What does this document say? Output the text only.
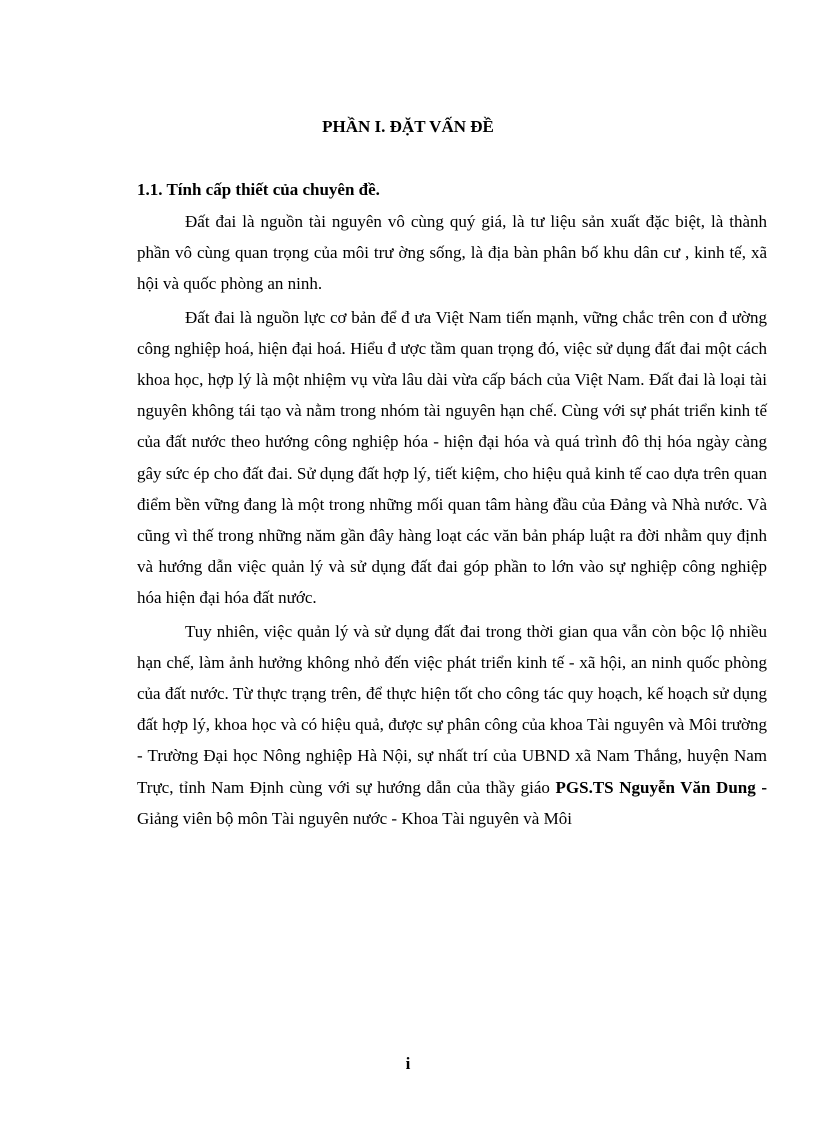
PHẦN I. ĐẶT VẤN ĐỀ
1.1. Tính cấp thiết của chuyên đề.

Đất đai là nguồn tài nguyên vô cùng quý giá, là tư liệu sản xuất đặc biệt, là thành phần vô cùng quan trọng của môi trư ờng sống, là địa bàn phân bố khu dân cư , kinh tế, xã hội và quốc phòng an ninh.

Đất đai là nguồn lực cơ bản để đ ưa Việt Nam tiến mạnh, vững chắc trên con đ ường công nghiệp hoá, hiện đại hoá. Hiểu đ ược tầm quan trọng đó, việc sử dụng đất đai một cách khoa học, hợp lý là một nhiệm vụ vừa lâu dài vừa cấp bách của Việt Nam. Đất đai là loại tài nguyên không tái tạo và nằm trong nhóm tài nguyên hạn chế. Cùng với sự phát triển kinh tế của đất nước theo hướng công nghiệp hóa - hiện đại hóa và quá trình đô thị hóa ngày càng gây sức ép cho đất đai. Sử dụng đất hợp lý, tiết kiệm, cho hiệu quả kinh tế cao dựa trên quan điểm bền vững đang là một trong những mối quan tâm hàng đầu của Đảng và Nhà nước. Và cũng vì thế trong những năm gần đây hàng loạt các văn bản pháp luật ra đời nhằm quy định và hướng dẫn việc quản lý và sử dụng đất đai góp phần to lớn vào sự nghiệp công nghiệp hóa hiện đại hóa đất nước.

Tuy nhiên, việc quản lý và sử dụng đất đai trong thời gian qua vẫn còn bộc lộ nhiều hạn chế, làm ảnh hưởng không nhỏ đến việc phát triển kinh tế - xã hội, an ninh quốc phòng của đất nước. Từ thực trạng trên, để thực hiện tốt cho công tác quy hoạch, kế hoạch sử dụng đất hợp lý, khoa học và có hiệu quả, được sự phân công của khoa Tài nguyên và Môi trường - Trường Đại học Nông nghiệp Hà Nội, sự nhất trí của UBND xã Nam Thắng, huyện Nam Trực, tỉnh Nam Định cùng với sự hướng dẫn của thầy giáo PGS.TS Nguyễn Văn Dung - Giảng viên bộ môn Tài nguyên nước - Khoa Tài nguyên và Môi

i
